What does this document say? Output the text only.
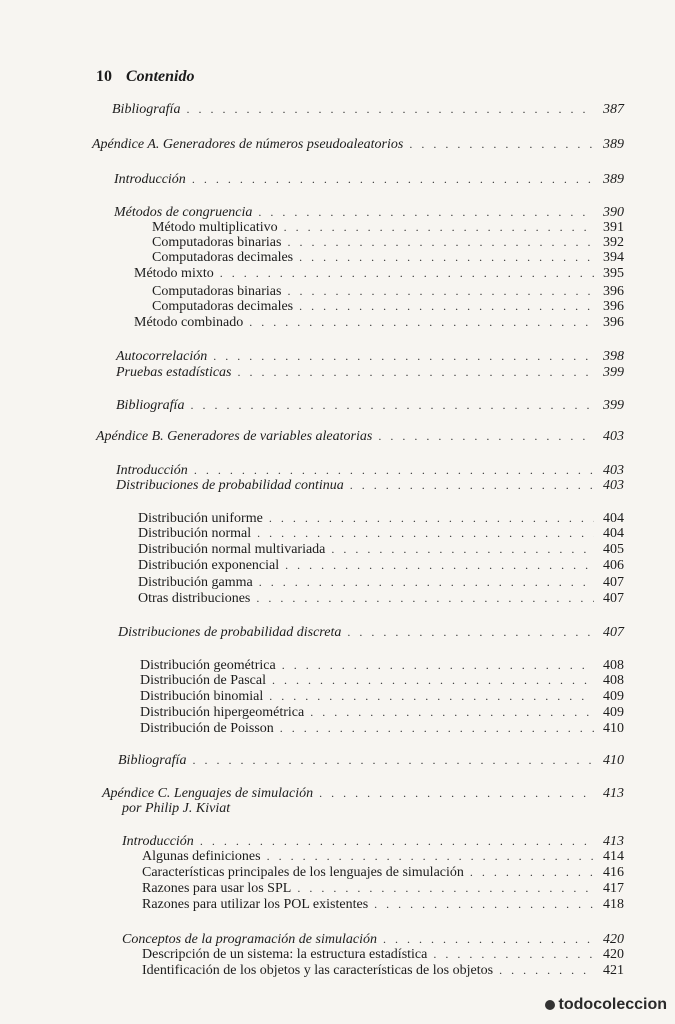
10 Contenido
Bibliografía . . .	387
Apéndice A. Generadores de números pseudoaleatorios . . .	389
Introducción . . .	389
Métodos de congruencia . . .	390
Método multiplicativo . . .	391
Computadoras binarias . . .	392
Computadoras decimales . . .	394
Método mixto . . .	395
Computadoras binarias . . .	396
Computadoras decimales . . .	396
Método combinado . . .	396
Autocorrelación . . .	398
Pruebas estadísticas . . .	399
Bibliografía . . .	399
Apéndice B. Generadores de variables aleatorias . . .	403
Introducción . . .	403
Distribuciones de probabilidad continua . . .	403
Distribución uniforme . . .	404
Distribución normal . . .	404
Distribución normal multivariada . . .	405
Distribución exponencial . . .	406
Distribución gamma . . .	407
Otras distribuciones . . .	407
Distribuciones de probabilidad discreta . . .	407
Distribución geométrica . . .	408
Distribución de Pascal . . .	408
Distribución binomial . . .	409
Distribución hipergeométrica . . .	409
Distribución de Poisson . . .	410
Bibliografía . . .	410
Apéndice C. Lenguajes de simulación . . .	413
por Philip J. Kiviat
Introducción . . .	413
Algunas definiciones . . .	414
Características principales de los lenguajes de simulación . . .	416
Razones para usar los SPL . . .	417
Razones para utilizar los POL existentes . . .	418
Conceptos de la programación de simulación . . .	420
Descripción de un sistema: la estructura estadística . . .	420
Identificación de los objetos y las características de los objetos . . .	421
todocoleccion
